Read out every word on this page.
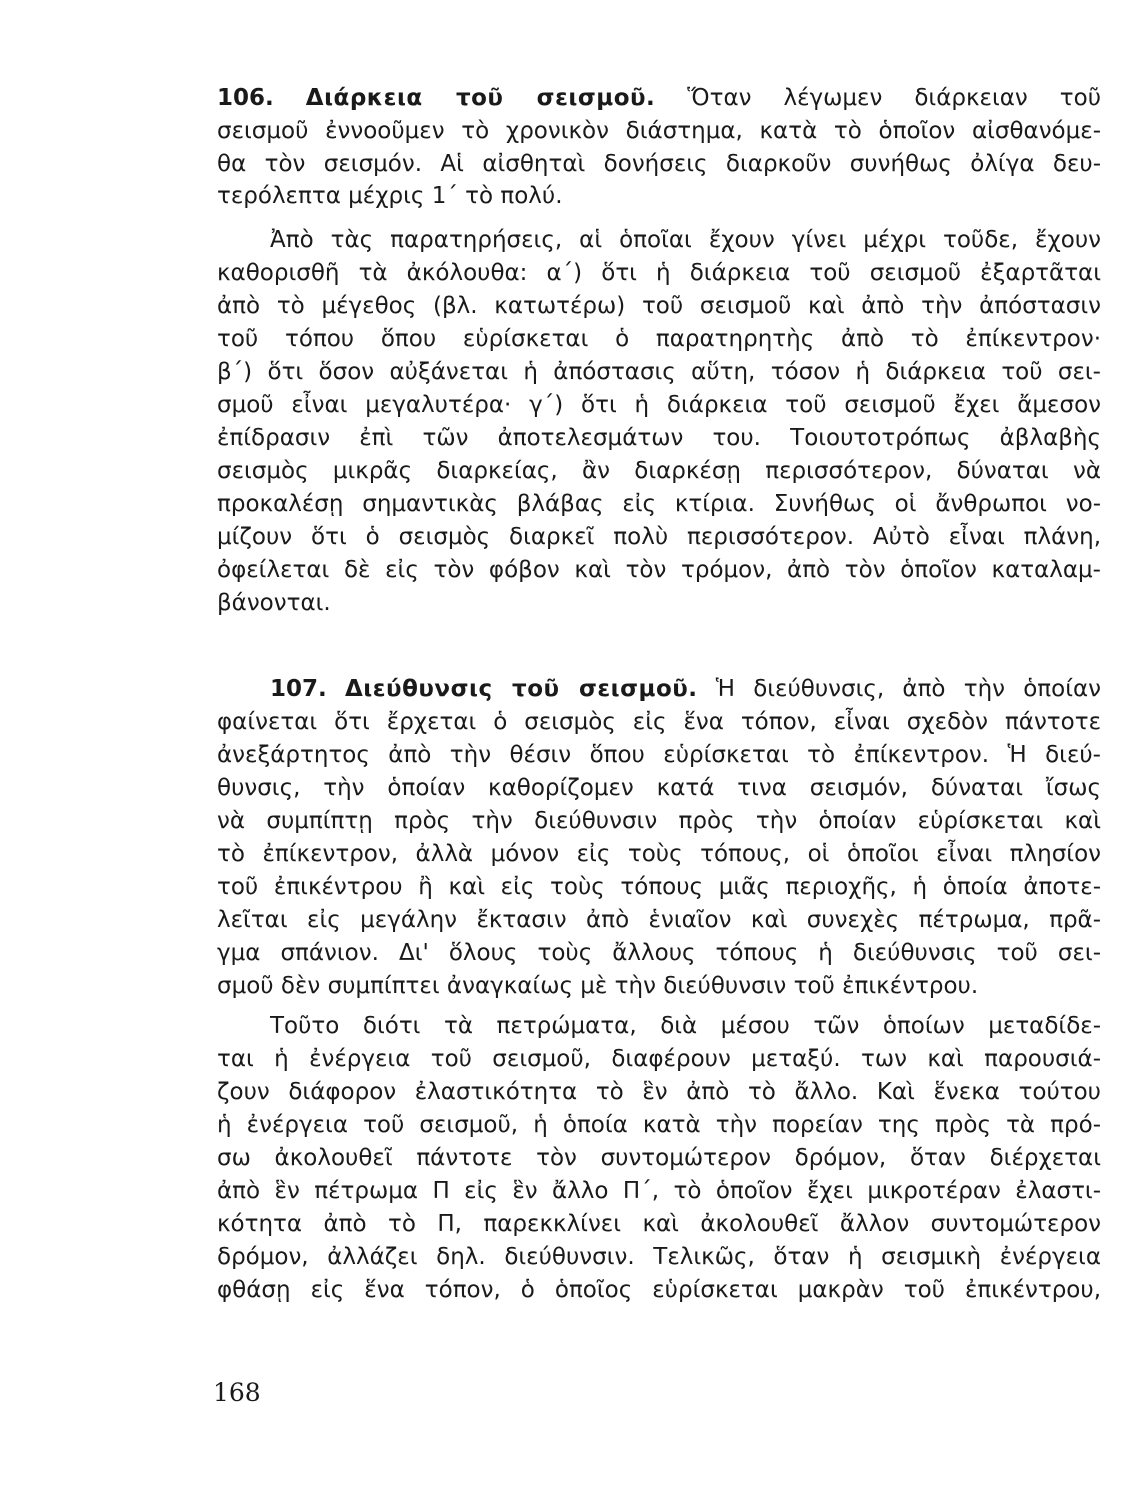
106. Διάρκεια τοῦ σεισμοῦ. Ὅταν λέγωμεν διάρκειαν τοῦ
σεισμοῦ ἐννοοῦμεν τὸ χρονικὸν διάστημα, κατὰ τὸ ὁποῖον αἰσθανόμε-
θα τὸν σεισμόν. Αἱ αἰσθηταὶ δονήσεις διαρκοῦν συνήθως ὀλίγα δευ-
τερόλεπτα μέχρις 1΄ τὸ πολύ.
Ἀπὸ τὰς παρατηρήσεις, αἱ ὁποῖαι ἔχουν γίνει μέχρι τοῦδε, ἔχουν
καθορισθῆ τὰ ἀκόλουθα: α΄) ὅτι ἡ διάρκεια τοῦ σεισμοῦ ἐξαρτᾶται
ἀπὸ τὸ μέγεθος (βλ. κατωτέρω) τοῦ σεισμοῦ καὶ ἀπὸ τὴν ἀπόστασιν
τοῦ τόπου ὅπου εὑρίσκεται ὁ παρατηρητὴς ἀπὸ τὸ ἐπίκεντρον·
β΄) ὅτι ὅσον αὐξάνεται ἡ ἀπόστασις αὕτη, τόσον ἡ διάρκεια τοῦ σει-
σμοῦ εἶναι μεγαλυτέρα· γ΄) ὅτι ἡ διάρκεια τοῦ σεισμοῦ ἔχει ἄμεσον
ἐπίδρασιν ἐπὶ τῶν ἀποτελεσμάτων του. Τοιουτοτρόπως ἀβλαβὴς
σεισμὸς μικρᾶς διαρκείας, ἂν διαρκέσῃ περισσότερον, δύναται νὰ
προκαλέσῃ σημαντικὰς βλάβας εἰς κτίρια. Συνήθως οἱ ἄνθρωποι νο-
μίζουν ὅτι ὁ σεισμὸς διαρκεῖ πολὺ περισσότερον. Αὐτὸ εἶναι πλάνη,
ὀφείλεται δὲ εἰς τὸν φόβον καὶ τὸν τρόμον, ἀπὸ τὸν ὁποῖον καταλαμ-
βάνονται.
107. Διεύθυνσις τοῦ σεισμοῦ. Ἡ διεύθυνσις, ἀπὸ τὴν ὁποίαν
φαίνεται ὅτι ἔρχεται ὁ σεισμὸς εἰς ἕνα τόπον, εἶναι σχεδὸν πάντοτε
ἀνεξάρτητος ἀπὸ τὴν θέσιν ὅπου εὑρίσκεται τὸ ἐπίκεντρον. Ἡ διεύ-
θυνσις, τὴν ὁποίαν καθορίζομεν κατά τινα σεισμόν, δύναται ἴσως
νὰ συμπίπτῃ πρὸς τὴν διεύθυνσιν πρὸς τὴν ὁποίαν εὑρίσκεται καὶ
τὸ ἐπίκεντρον, ἀλλὰ μόνον εἰς τοὺς τόπους, οἱ ὁποῖοι εἶναι πλησίον
τοῦ ἐπικέντρου ἢ καὶ εἰς τοὺς τόπους μιᾶς περιοχῆς, ἡ ὁποία ἀποτε-
λεῖται εἰς μεγάλην ἔκτασιν ἀπὸ ἑνιαῖον καὶ συνεχὲς πέτρωμα, πρᾶ-
γμα σπάνιον. Δι' ὅλους τοὺς ἄλλους τόπους ἡ διεύθυνσις τοῦ σει-
σμοῦ δὲν συμπίπτει ἀναγκαίως μὲ τὴν διεύθυνσιν τοῦ ἐπικέντρου.
Τοῦτο διότι τὰ πετρώματα, διὰ μέσου τῶν ὁποίων μεταδίδε-
ται ἡ ἐνέργεια τοῦ σεισμοῦ, διαφέρουν μεταξύ. των καὶ παρουσιά-
ζουν διάφορον ἐλαστικότητα τὸ ἓν ἀπὸ τὸ ἄλλο. Καὶ ἕνεκα τούτου
ἡ ἐνέργεια τοῦ σεισμοῦ, ἡ ὁποία κατὰ τὴν πορείαν της πρὸς τὰ πρό-
σω ἀκολουθεῖ πάντοτε τὸν συντομώτερον δρόμον, ὅταν διέρχεται
ἀπὸ ἓν πέτρωμα Π εἰς ἓν ἄλλο Π΄, τὸ ὁποῖον ἔχει μικροτέραν ἐλαστι-
κότητα ἀπὸ τὸ Π, παρεκκλίνει καὶ ἀκολουθεῖ ἄλλον συντομώτερον
δρόμον, ἀλλάζει δηλ. διεύθυνσιν. Τελικῶς, ὅταν ἡ σεισμικὴ ἐνέργεια
φθάσῃ εἰς ἕνα τόπον, ὁ ὁποῖος εὑρίσκεται μακρὰν τοῦ ἐπικέντρου,
168
